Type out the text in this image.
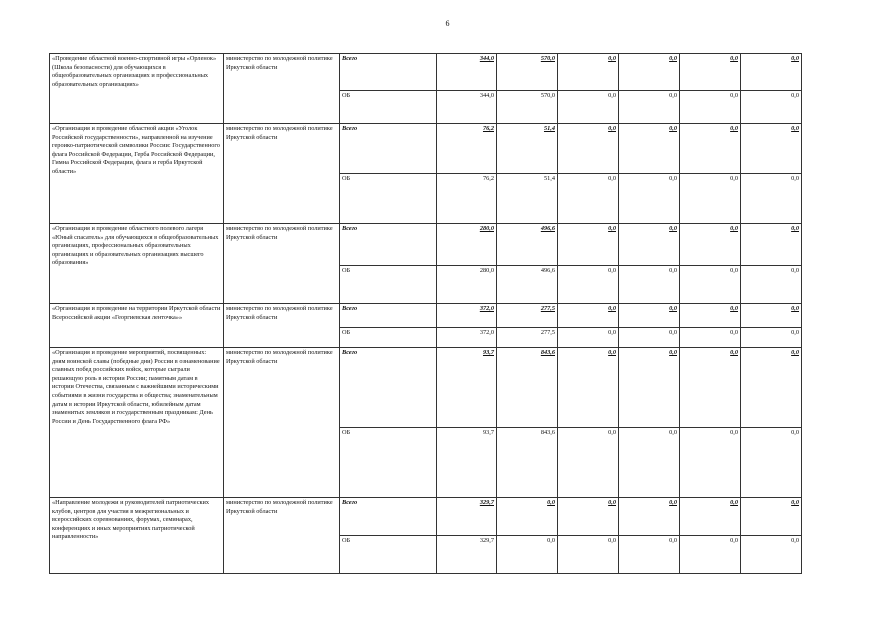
6
«Проведение областной военно-спортивной игры «Орленок» (Школа безопасности) для обучающихся в общеобразовательных организациях и профессиональных образовательных организациях»	министерство по молодежной политике Иркутской области	Всего	344,0	570,0	0,0	0,0	0,0	0,0
		ОБ	344,0	570,0	0,0	0,0	0,0	0,0
«Организация и проведение областной акции «Уголок Российской государственности», направленной на изучение героико-патриотической символики России: Государственного флага Российской Федерации, Герба Российской Федерации, Гимна Российской Федерации, флага и герба Иркутской области»	министерство по молодежной политике Иркутской области	Всего	76,2	51,4	0,0	0,0	0,0	0,0
		ОБ	76,2	51,4	0,0	0,0	0,0	0,0
«Организация и проведение областного полевого лагеря «Юный спасатель» для обучающихся в общеобразовательных организациях, профессиональных образовательных организациях и образовательных организациях высшего образования»	министерство по молодежной политике Иркутской области	Всего	280,0	496,6	0,0	0,0	0,0	0,0
		ОБ	280,0	496,6	0,0	0,0	0,0	0,0
«Организация и проведение на территории Иркутской области Всероссийской акции «Георгиевская ленточка»»	министерство по молодежной политике Иркутской области	Всего	372,0	277,5	0,0	0,0	0,0	0,0
		ОБ	372,0	277,5	0,0	0,0	0,0	0,0
«Организация и проведение мероприятий, посвященных: дням воинской славы (победные дни) России в ознаменование славных побед российских войск, которые сыграли решающую роль в истории России; памятным датам в истории Отечества, связанным с важнейшими историческими событиями в жизни государства и общества; знаменательным датам в истории Иркутской области, юбилейным датам знаменитых земляков и государственным праздникам: День России и День Государственного флага РФ»	министерство по молодежной политике Иркутской области	Всего	93,7	843,6	0,0	0,0	0,0	0,0
		ОБ	93,7	843,6	0,0	0,0	0,0	0,0
«Направление молодежи и руководителей патриотических клубов, центров для участия в межрегиональных и всероссийских соревнованиях, форумах, семинарах, конференциях и иных мероприятиях патриотической направленности»	министерство по молодежной политике Иркутской области	Всего	329,7	0,0	0,0	0,0	0,0	0,0
		ОБ	329,7	0,0	0,0	0,0	0,0	0,0
